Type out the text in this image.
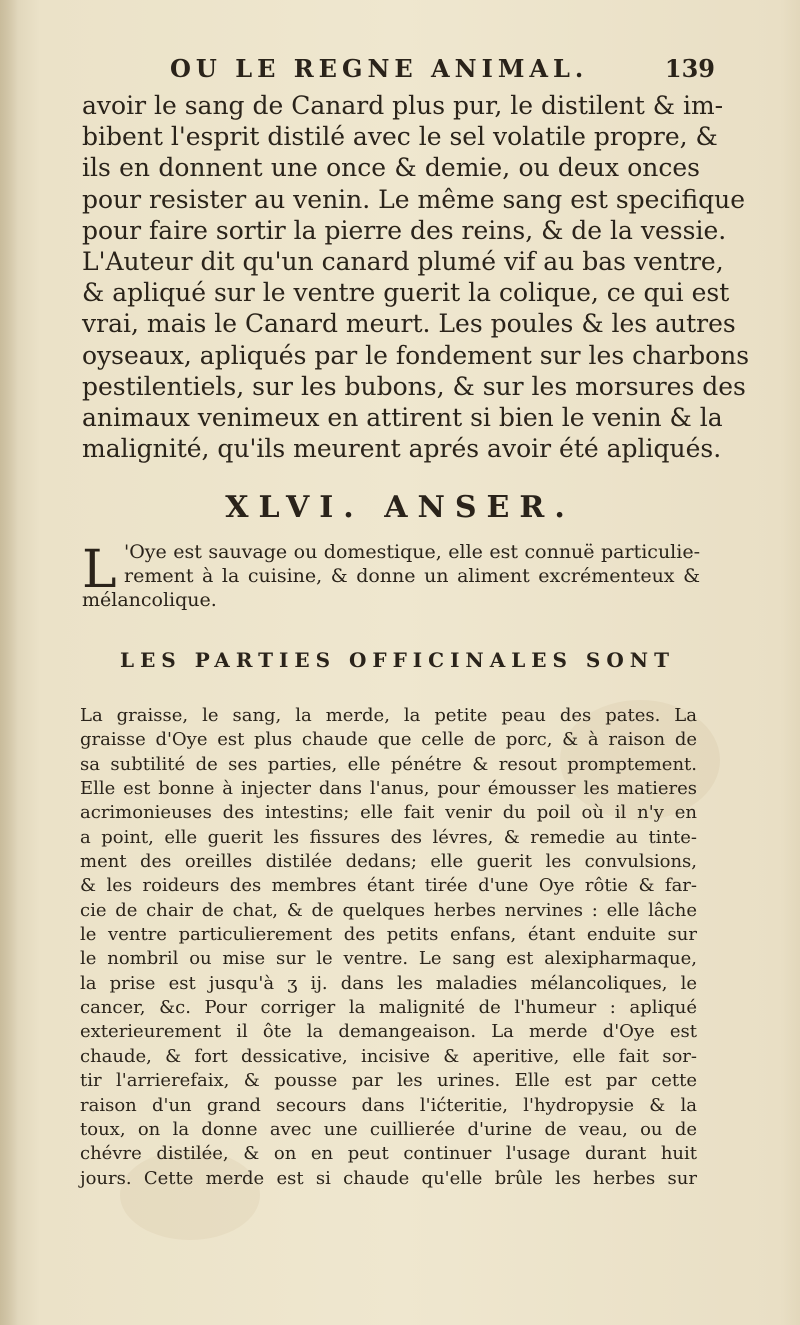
OU LE REGNE ANIMAL.	139
avoir le sang de Canard plus pur, le distilent & im-
bibent l'esprit distilé avec le sel volatile propre, &
ils en donnent une once & demie, ou deux onces
pour resister au venin. Le même sang est specifique
pour faire sortir la pierre des reins, & de la vessie.
L'Auteur dit qu'un canard plumé vif au bas ventre,
& apliqué sur le ventre guerit la colique, ce qui est
vrai, mais le Canard meurt. Les poules & les autres
oyseaux, apliqués par le fondement sur les charbons
pestilentiels, sur les bubons, & sur les morsures des
animaux venimeux en attirent si bien le venin & la
malignité, qu'ils meurent aprés avoir été apliqués.
XLVI. ANSER.
L 'Oye est sauvage ou domestique, elle est connuë particulie-
rement à la cuisine, & donne un aliment excrémenteux &
mélancolique.
LES PARTIES OFFICINALES SONT
La graisse, le sang, la merde, la petite peau des pates. La
graisse d'Oye est plus chaude que celle de porc, & à raison de
sa subtilité de ses parties, elle pénétre & resout promptement.
Elle est bonne à injecter dans l'anus, pour émousser les matieres
acrimonieuses des intestins; elle fait venir du poil où il n'y en
a point, elle guerit les fissures des lévres, & remedie au tinte-
ment des oreilles distilée dedans; elle guerit les convulsions,
& les roideurs des membres étant tirée d'une Oye rôtie & far-
cie de chair de chat, & de quelques herbes nervines : elle lâche
le ventre particulierement des petits enfans, étant enduite sur
le nombril ou mise sur le ventre. Le sang est alexipharmaque,
la prise est jusqu'à ʒ ij. dans les maladies mélancoliques, le
cancer, &c. Pour corriger la malignité de l'humeur : apliqué
exterieurement il ôte la demangeaison. La merde d'Oye est
chaude, & fort dessicative, incisive & aperitive, elle fait sor-
tir l'arrierefaix, & pousse par les urines. Elle est par cette
raison d'un grand secours dans l'ićteritie, l'hydropysie & la
toux, on la donne avec une cuillierée d'urine de veau, ou de
chévre distilée, & on en peut continuer l'usage durant huit
jours. Cette merde est si chaude qu'elle brûle les herbes sur
